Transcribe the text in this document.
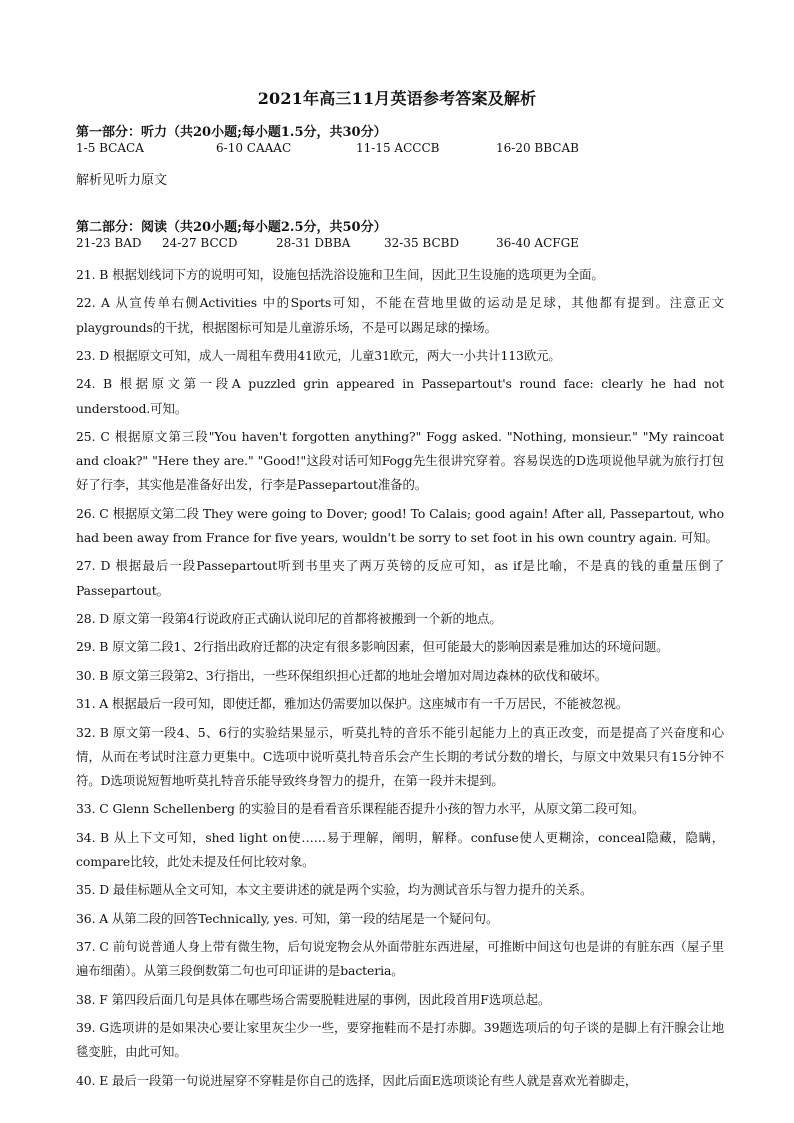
2021年高三11月英语参考答案及解析
第一部分：听力（共20小题;每小题1.5分，共30分）
1-5 BCACA	6-10 CAAAC	11-15 ACCCB	16-20 BBCAB
解析见听力原文
第二部分：阅读（共20小题;每小题2.5分，共50分）
21-23 BAD 24-27 BCCD	28-31 DBBA	32-35 BCBD	36-40 ACFGE

21. B 根据划线词下方的说明可知，设施包括洗浴设施和卫生间，因此卫生设施的选项更为全面。

22. A 从宣传单右侧Activities 中的Sports可知，不能在营地里做的运动是足球，其他都有提到。注意正文playgrounds的干扰，根据图标可知是儿童游乐场，不是可以踢足球的操场。

23. D 根据原文可知，成人一周租车费用41欧元，儿童31欧元，两大一小共计113欧元。

24. B 根据原文第一段A puzzled grin appeared in Passepartout's round face: clearly he had not understood.可知。

25. C 根据原文第三段"You haven't forgotten anything?" Fogg asked. "Nothing, monsieur." "My raincoat and cloak?" "Here they are." "Good!"这段对话可知Fogg先生很讲究穿着。容易误选的D选项说他早就为旅行打包好了行李，其实他是准备好出发，行李是Passepartout准备的。

26. C 根据原文第二段 They were going to Dover; good! To Calais; good again! After all, Passepartout, who had been away from France for five years, wouldn't be sorry to set foot in his own country again. 可知。

27. D 根据最后一段Passepartout听到书里夹了两万英镑的反应可知，as if是比喻，不是真的钱的重量压倒了Passepartout。

28. D 原文第一段第4行说政府正式确认说印尼的首都将被搬到一个新的地点。

29. B 原文第二段1、2行指出政府迁都的决定有很多影响因素，但可能最大的影响因素是雅加达的环境问题。

30. B 原文第三段第2、3行指出，一些环保组织担心迁都的地址会增加对周边森林的砍伐和破坏。

31. A 根据最后一段可知，即使迁都，雅加达仍需要加以保护。这座城市有一千万居民，不能被忽视。

32. B 原文第一段4、5、6行的实验结果显示，听莫扎特的音乐不能引起能力上的真正改变，而是提高了兴奋度和心情，从而在考试时注意力更集中。C选项中说听莫扎特音乐会产生长期的考试分数的增长，与原文中效果只有15分钟不符。D选项说短暂地听莫扎特音乐能导致终身智力的提升，在第一段并未提到。

33. C Glenn Schellenberg 的实验目的是看看音乐课程能否提升小孩的智力水平，从原文第二段可知。

34. B 从上下文可知，shed light on使……易于理解，阐明，解释。confuse使人更糊涂，conceal隐藏，隐瞒，compare比较，此处未提及任何比较对象。

35. D 最佳标题从全文可知，本文主要讲述的就是两个实验，均为测试音乐与智力提升的关系。

36. A 从第二段的回答Technically, yes. 可知，第一段的结尾是一个疑问句。

37. C 前句说普通人身上带有微生物，后句说宠物会从外面带脏东西进屋，可推断中间这句也是讲的有脏东西（屋子里遍布细菌）。从第三段倒数第二句也可印证讲的是bacteria。

38. F 第四段后面几句是具体在哪些场合需要脱鞋进屋的事例，因此段首用F选项总起。

39. G选项讲的是如果决心要让家里灰尘少一些，要穿拖鞋而不是打赤脚。39题选项后的句子谈的是脚上有汗腺会让地毯变脏，由此可知。

40. E 最后一段第一句说进屋穿不穿鞋是你自己的选择，因此后面E选项谈论有些人就是喜欢光着脚走，
